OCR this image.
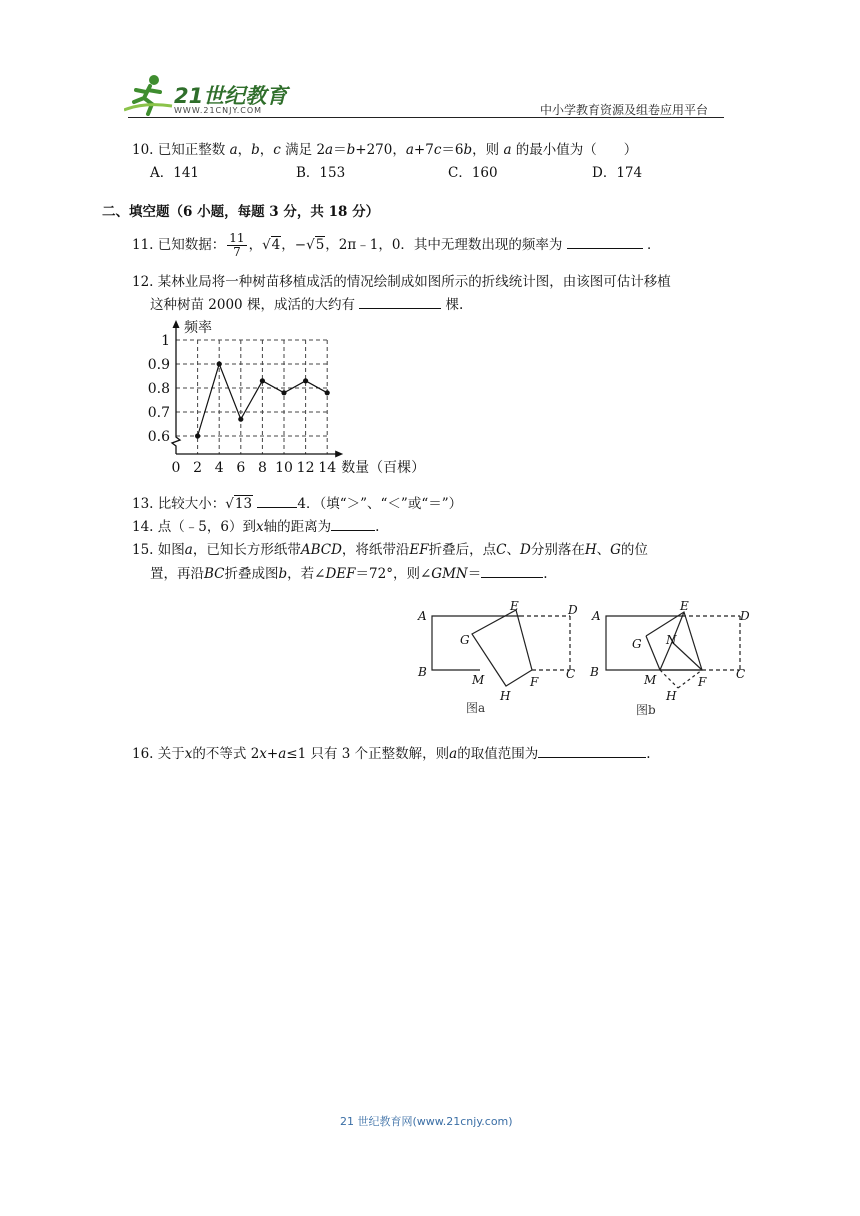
21世纪教育
WWW.21CNJY.COM	中小学教育资源及组卷应用平台
10. 已知正整数 a，b，c 满足 2a＝b+270，a+7c＝6b，则 a 的最小值为（　　）
A．141	B．153	C．160	D．174
二、填空题（6 小题，每题 3 分，共 18 分）
11. 已知数据： $\frac{11}{7}$ ，√4，−√5，2π﹣1，0．其中无理数出现的频率为	．
12. 某林业局将一种树苗移植成活的情况绘制成如图所示的折线统计图，由该图可估计移植
这种树苗 2000 棵，成活的大约有	棵.
0.6
0.7
0.8
0.9
1
0 2 4 6 8 10 12 14
频率
数量（百棵）
13. 比较大小：√13	4．（填“＞”、“＜”或“＝”）
14. 点（﹣5，6）到x轴的距离为	.
15. 如图a，已知长方形纸带ABCD，将纸带沿EF折叠后，点C、D分别落在H、G的位
置，再沿BC折叠成图b，若∠DEF＝72°，则∠GMN＝	.
A
B	C
D
E
F
G
H
M
图a
A
B	C
D
E
F
G
H
M
N
图b
16. 关于x的不等式 2x+a≤1 只有 3 个正整数解，则a的取值范围为	.
21 世纪教育网(www.21cnjy.com)
